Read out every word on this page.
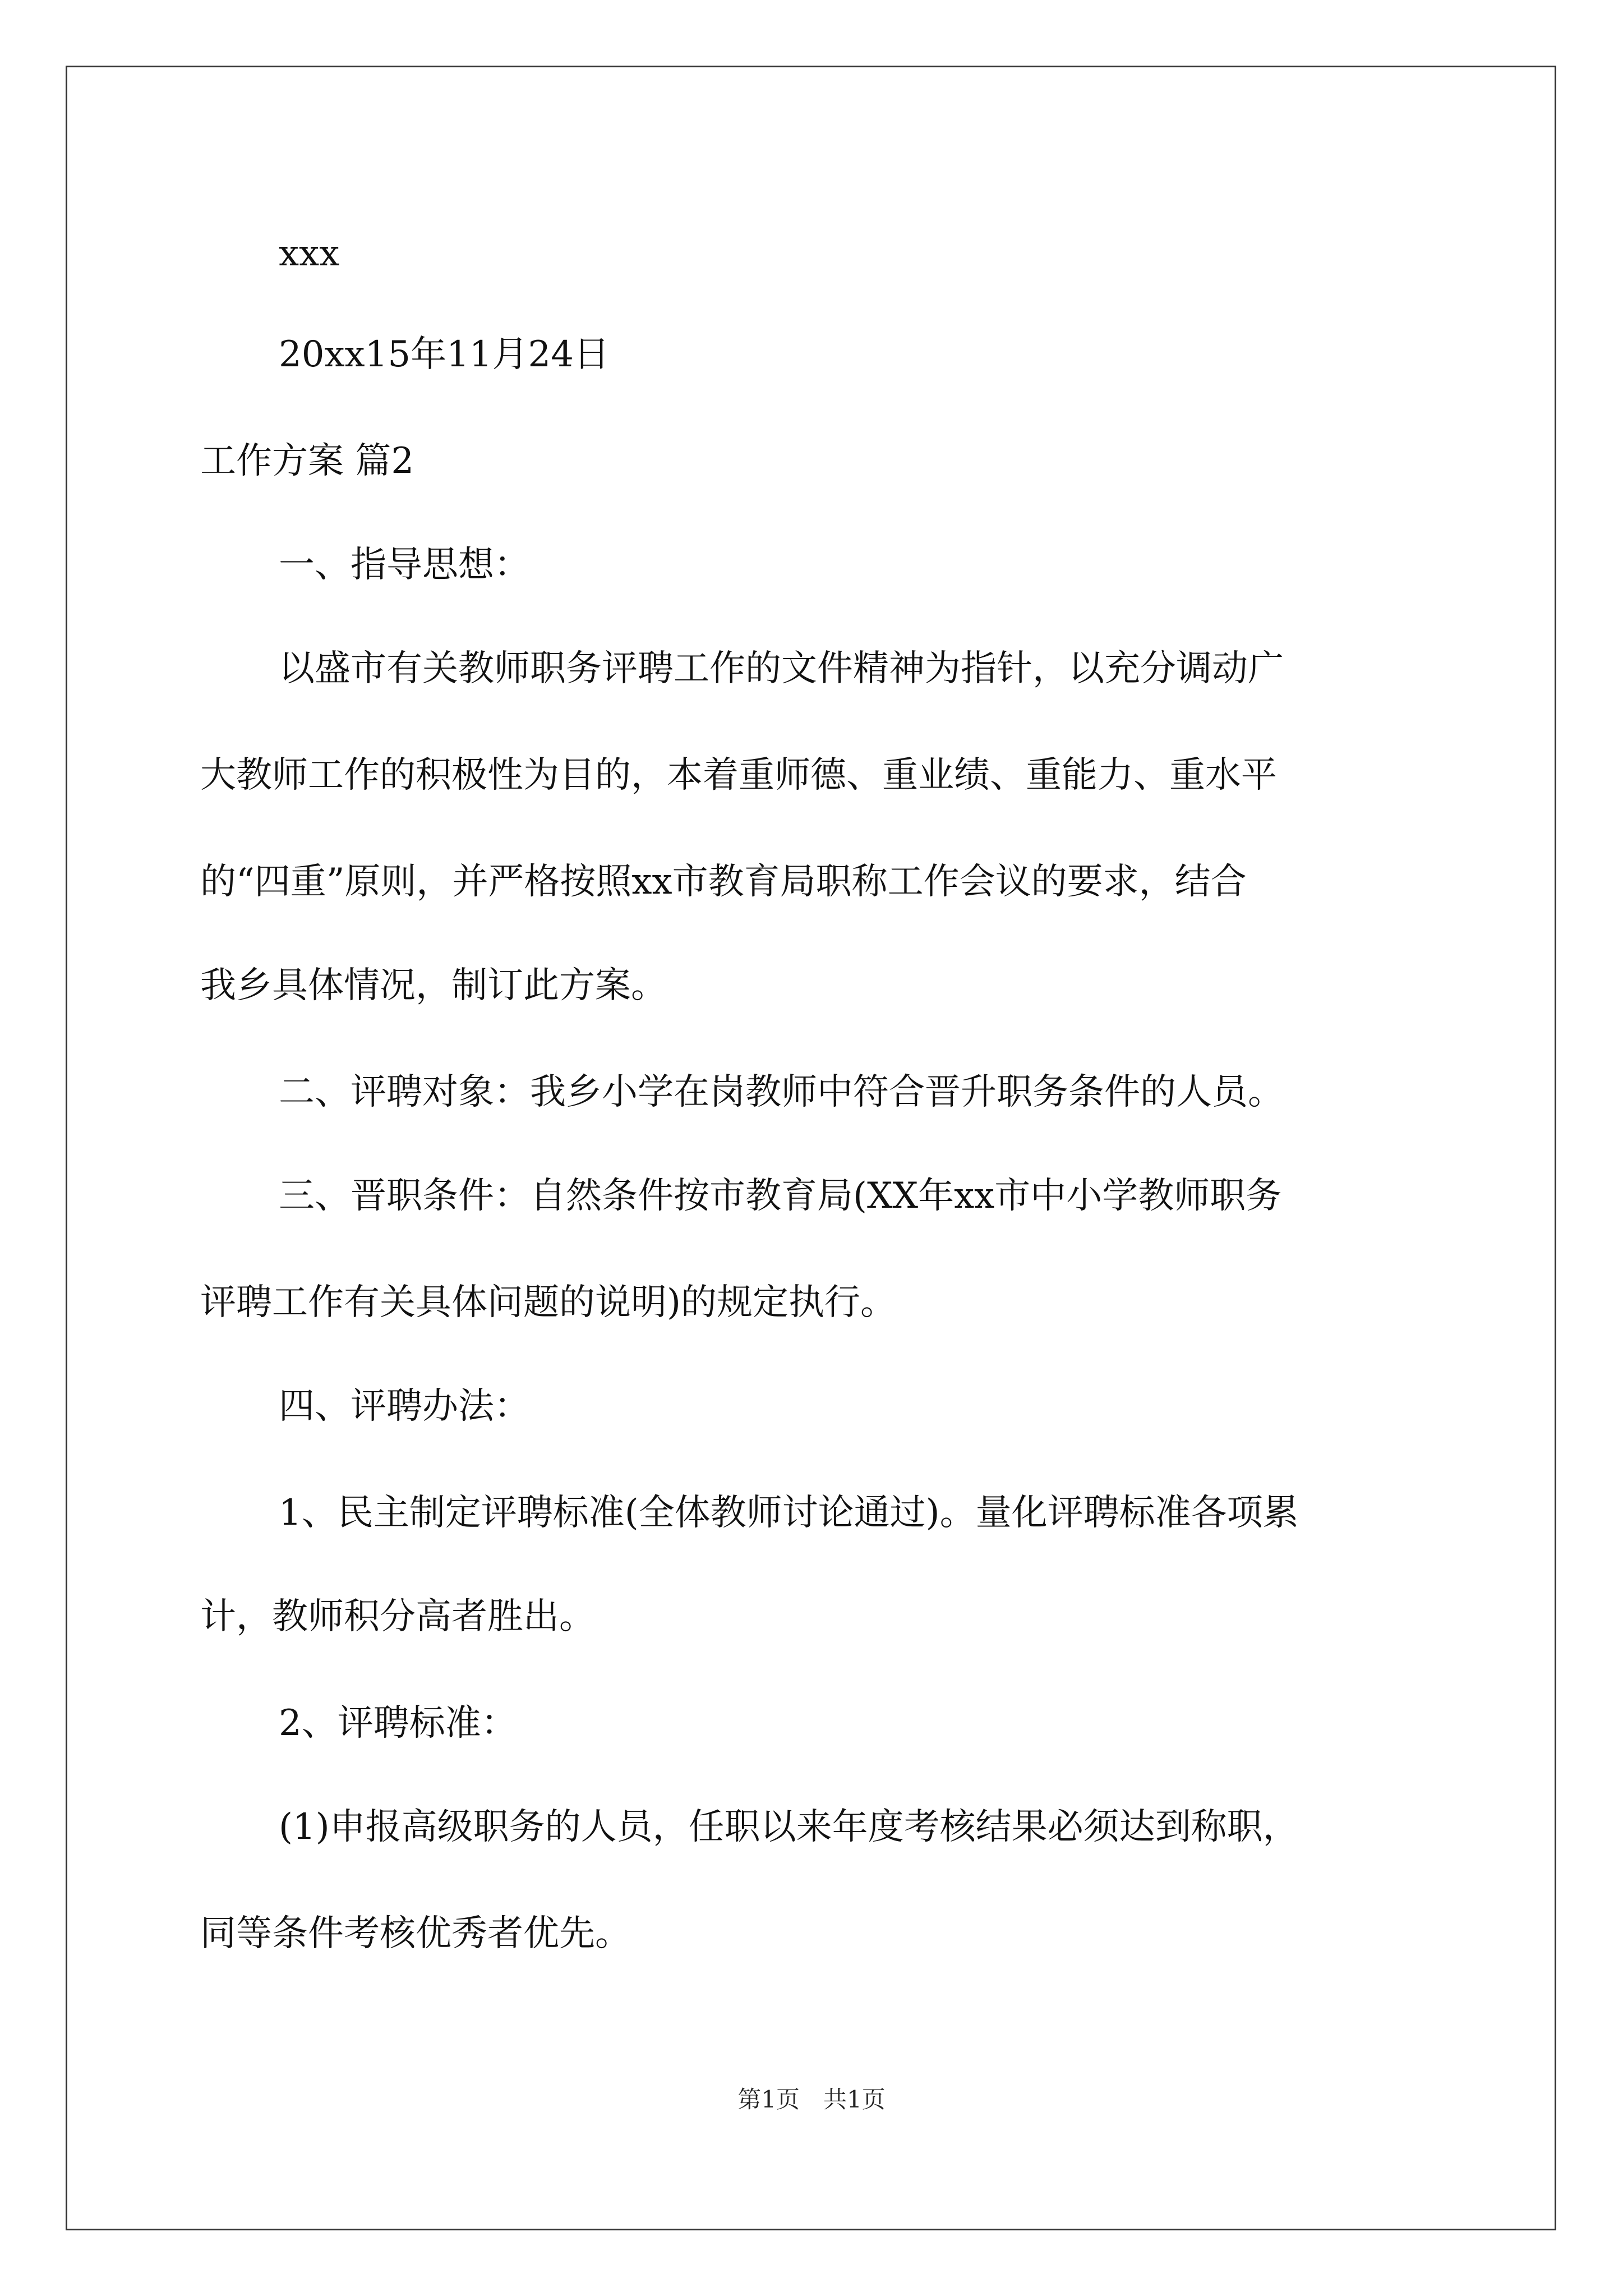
xxx

20xx15年11月24日

工作方案 篇2

一、指导思想：

以盛市有关教师职务评聘工作的文件精神为指针，以充分调动广

大教师工作的积极性为目的，本着重师德、重业绩、重能力、重水平

的“四重”原则，并严格按照xx市教育局职称工作会议的要求，结合

我乡具体情况，制订此方案。

二、评聘对象：我乡小学在岗教师中符合晋升职务条件的人员。

三、晋职条件：自然条件按市教育局(XX年xx市中小学教师职务

评聘工作有关具体问题的说明)的规定执行。

四、评聘办法：

1、民主制定评聘标准(全体教师讨论通过)。量化评聘标准各项累

计，教师积分高者胜出。

2、评聘标准：

(1)申报高级职务的人员，任职以来年度考核结果必须达到称职，

同等条件考核优秀者优先。

第1页　共1页
